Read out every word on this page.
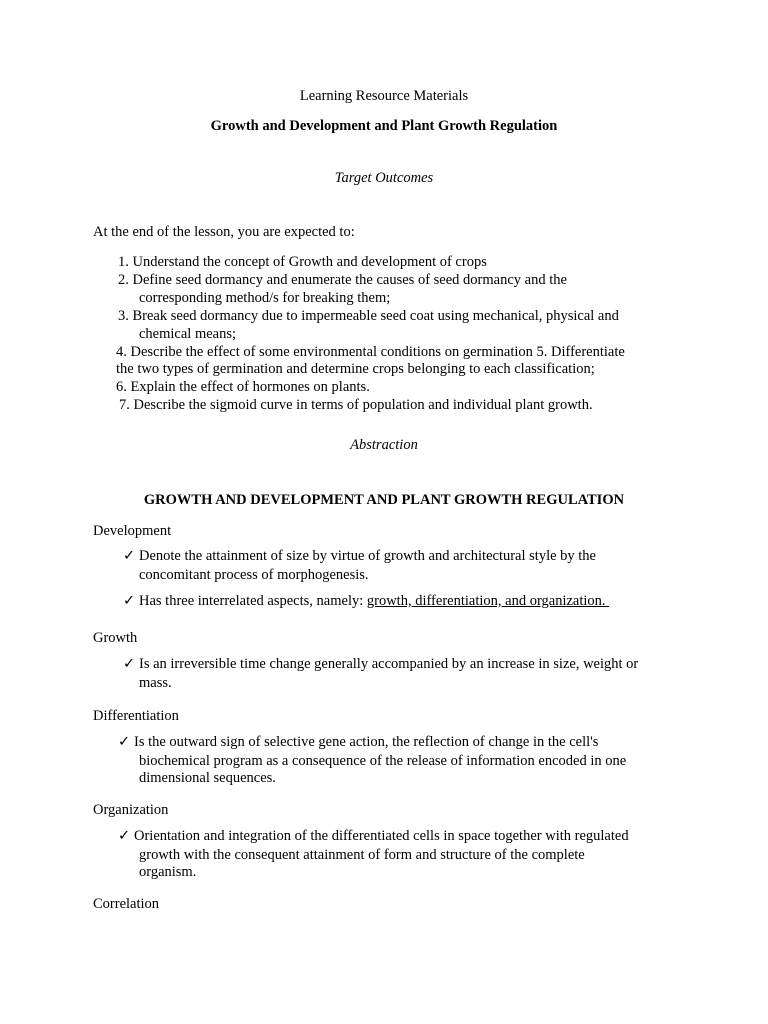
Learning Resource Materials
Growth and Development and Plant Growth Regulation
Target Outcomes
At the end of the lesson, you are expected to:
1. Understand the concept of Growth and development of crops
2. Define seed dormancy and enumerate the causes of seed dormancy and the
corresponding method/s for breaking them;
3. Break seed dormancy due to impermeable seed coat using mechanical, physical and
chemical means;
4. Describe the effect of some environmental conditions on germination 5. Differentiate
the two types of germination and determine crops belonging to each classification;
6. Explain the effect of hormones on plants.
7. Describe the sigmoid curve in terms of population and individual plant growth.
Abstraction
GROWTH AND DEVELOPMENT AND PLANT GROWTH REGULATION
Development
✓ Denote the attainment of size by virtue of growth and architectural style by the
concomitant process of morphogenesis.
✓ Has three interrelated aspects, namely: growth, differentiation, and organization.
Growth
✓ Is an irreversible time change generally accompanied by an increase in size, weight or
mass.
Differentiation
✓ Is the outward sign of selective gene action, the reflection of change in the cell's
biochemical program as a consequence of the release of information encoded in one
dimensional sequences.
Organization
✓ Orientation and integration of the differentiated cells in space together with regulated
growth with the consequent attainment of form and structure of the complete
organism.
Correlation
